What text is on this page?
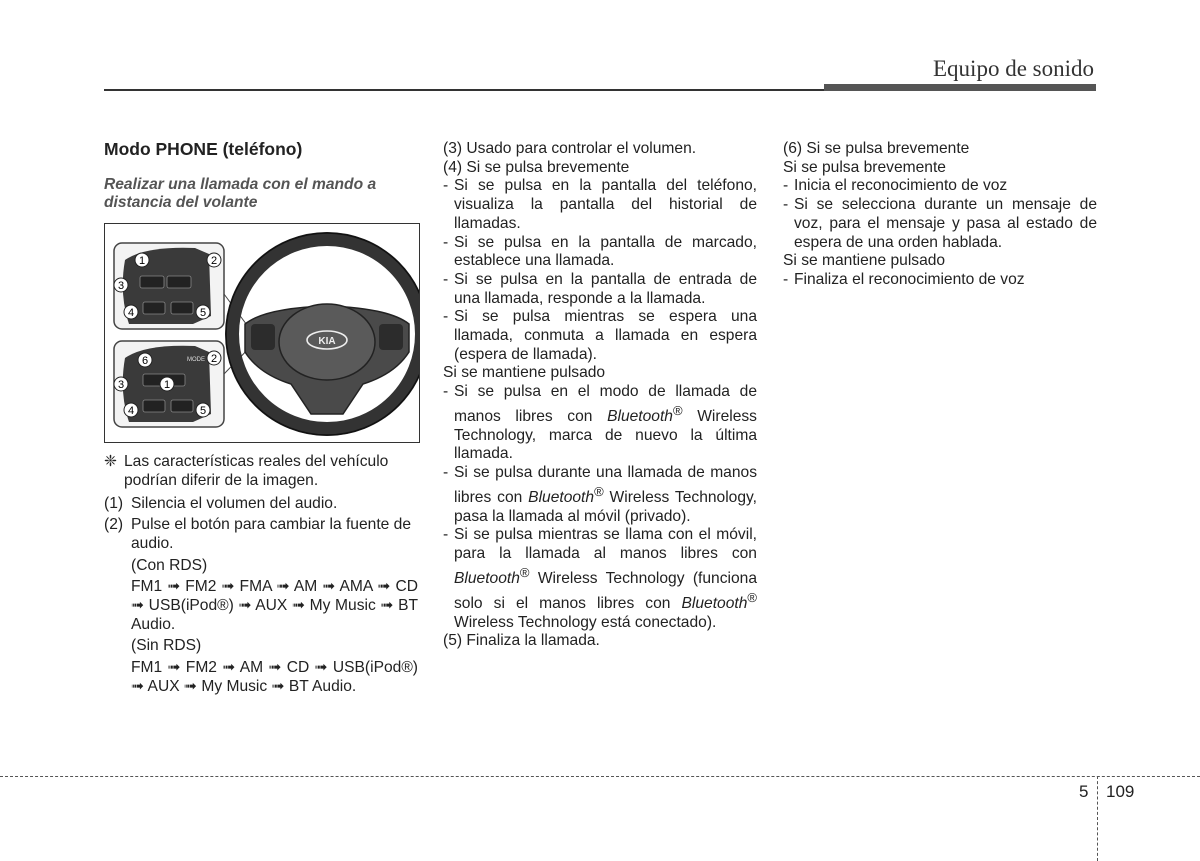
Equipo de sonido
Modo PHONE (teléfono)
Realizar una llamada con el mando a distancia del volante
MODE
KIA
1	2
3
4	5
6	2
3	1
4	5
❈ Las características reales del vehículo podrían diferir de la imagen.
(1) Silencia el volumen del audio.
(2) Pulse el botón para cambiar la fuente de audio.
(Con RDS)
FM1 ➟ FM2 ➟ FMA ➟ AM ➟ AMA ➟ CD ➟ USB(iPod®) ➟ AUX ➟ My Music ➟ BT Audio.
(Sin RDS)
FM1 ➟ FM2 ➟ AM ➟ CD ➟ USB(iPod®) ➟ AUX ➟ My Music ➟ BT Audio.

(3) Usado para controlar el volumen.

(4) Si se pulsa brevemente

- Si se pulsa en la pantalla del teléfono, visualiza la pantalla del historial de llamadas.
- Si se pulsa en la pantalla de marcado, establece una llamada.
- Si se pulsa en la pantalla de entrada de una llamada, responde a la llamada.
- Si se pulsa mientras se espera una llamada, conmuta a llamada en espera (espera de llamada).

Si se mantiene pulsado

- Si se pulsa en el modo de llamada de manos libres con Bluetooth® Wireless Technology, marca de nuevo la última llamada.
- Si se pulsa durante una llamada de manos libres con Bluetooth® Wireless Technology, pasa la llamada al móvil (privado).
- Si se pulsa mientras se llama con el móvil, para la llamada al manos libres con Bluetooth® Wireless Technology (funciona solo si el manos libres con Bluetooth® Wireless Technology está conectado).

(5) Finaliza la llamada.

(6) Si se pulsa brevemente

Si se pulsa brevemente

- Inicia el reconocimiento de voz
- Si se selecciona durante un mensaje de voz, para el mensaje y pasa al estado de espera de una orden hablada.

Si se mantiene pulsado

- Finaliza el reconocimiento de voz
5 109
